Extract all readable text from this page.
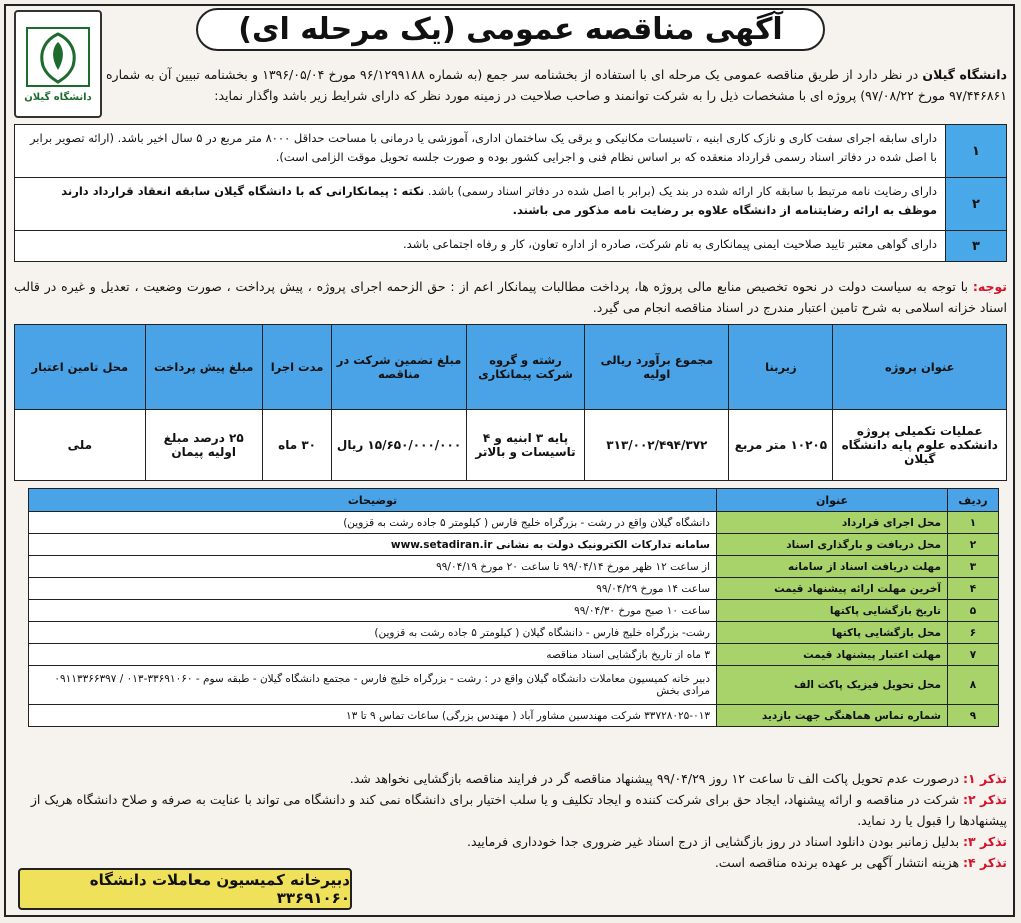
دانشگاه گیلان
آگهی مناقصه عمومی (یک مرحله ای)
دانشگاه گیلان در نظر دارد از طریق مناقصه عمومی یک مرحله ای با استفاده از بخشنامه سر جمع (به شماره ۹۶/۱۲۹۹۱۸۸ مورخ ۱۳۹۶/۰۵/۰۴ و بخشنامه تبیین آن به شماره ۹۷/۴۴۶۸۶۱ مورخ ۹۷/۰۸/۲۲) پروژه ای با مشخصات ذیل را به شرکت توانمند و صاحب صلاحیت در زمینه مورد نظر که دارای شرایط زیر باشد واگذار نماید:
۱
دارای سابقه اجرای سفت کاری و نازک کاری ابنیه ، تاسیسات مکانیکی و برقی یک ساختمان اداری، آموزشی یا درمانی با مساحت حداقل ۸۰۰۰ متر مربع در ۵ سال اخیر باشد. (ارائه تصویر برابر با اصل شده در دفاتر اسناد رسمی قرارداد منعقده که بر اساس نظام فنی و اجرایی کشور بوده و صورت جلسه تحویل موقت الزامی است).
۲
دارای رضایت نامه مرتبط با سابقه کار ارائه شده در بند یک (برابر با اصل شده در دفاتر اسناد رسمی) باشد. نکته : پیمانکارانی که با دانشگاه گیلان سابقه انعقاد قرارداد دارند موظف به ارائه رضایتنامه از دانشگاه علاوه بر رضایت نامه مذکور می باشند.
۳
دارای گواهی معتبر تایید صلاحیت ایمنی پیمانکاری به نام شرکت، صادره از اداره تعاون، کار و رفاه اجتماعی باشد.
توجه: با توجه به سیاست دولت در نحوه تخصیص منابع مالی پروژه ها، پرداخت مطالبات پیمانکار اعم از : حق الزحمه اجرای پروژه ، پیش پرداخت ، صورت وضعیت ، تعدیل و غیره در قالب اسناد خزانه اسلامی به شرح تامین اعتبار مندرج در اسناد مناقصه انجام می گیرد.
عنوان پروژه	زیربنا	مجموع برآورد ریالی اولیه	رشته و گروه شرکت پیمانکاری	مبلغ تضمین شرکت در مناقصه	مدت اجرا	مبلغ پیش پرداخت	محل تامین اعتبار
عملیات تکمیلی پروژه دانشکده علوم پایه دانشگاه گیلان	۱۰۲۰۵ متر مربع	۳۱۳/۰۰۲/۴۹۴/۳۷۲	پایه ۳ ابنیه و ۴ تاسیسات و بالاتر	۱۵/۶۵۰/۰۰۰/۰۰۰ ریال	۳۰ ماه	۲۵ درصد مبلغ اولیه پیمان	ملی
ردیف	عنوان	توضیحات
۱	محل اجرای قرارداد	دانشگاه گیلان واقع در رشت - بزرگراه خلیج فارس ( کیلومتر ۵ جاده رشت به قزوین)
۲	محل دریافت و بارگذاری اسناد	سامانه تدارکات الکترونیک دولت به نشانی www.setadiran.ir
۳	مهلت دریافت اسناد از سامانه	از ساعت ۱۲ ظهر مورخ ۹۹/۰۴/۱۴ تا ساعت ۲۰ مورخ ۹۹/۰۴/۱۹
۴	آخرین مهلت ارائه پیشنهاد قیمت	ساعت ۱۴ مورخ ۹۹/۰۴/۲۹
۵	تاریخ بازگشایی پاکتها	ساعت ۱۰ صبح مورخ ۹۹/۰۴/۳۰
۶	محل بازگشایی پاکتها	رشت- بزرگراه خلیج فارس - دانشگاه گیلان ( کیلومتر ۵ جاده رشت به قزوین)
۷	مهلت اعتبار پیشنهاد قیمت	۳ ماه از تاریخ بازگشایی اسناد مناقصه
۸	محل تحویل فیزیک پاکت الف	دبیر خانه کمیسیون معاملات دانشگاه گیلان واقع در : رشت - بزرگراه خلیج فارس - مجتمع دانشگاه گیلان - طبقه سوم - ۳۳۶۹۱۰۶۰-۰۱۳ / ۰۹۱۱۳۳۶۶۳۹۷ مرادی بخش
۹	شماره تماس هماهنگی جهت بازدید	۳۳۷۲۸۰۲۵-۰۱۳ شرکت مهندسین مشاور آباد ( مهندس بزرگی) ساعات تماس ۹ تا ۱۳

تذکر ۱: درصورت عدم تحویل پاکت الف تا ساعت ۱۲ روز ۹۹/۰۴/۲۹ پیشنهاد مناقصه گر در فرایند مناقصه بازگشایی نخواهد شد.

تذکر ۲: شرکت در مناقصه و ارائه پیشنهاد، ایجاد حق برای شرکت کننده و ایجاد تکلیف و یا سلب اختیار برای دانشگاه نمی کند و دانشگاه می تواند با عنایت به صرفه و صلاح دانشگاه هریک از پیشنهادها را قبول یا رد نماید.

تذکر ۳: بدلیل زمانبر بودن دانلود اسناد در روز بازگشایی از درج اسناد غیر ضروری جدا خودداری فرمایید.

تذکر ۴: هزینه انتشار آگهی بر عهده برنده مناقصه است.

دبیرخانه کمیسیون معاملات دانشگاه ۳۳۶۹۱۰۶۰
